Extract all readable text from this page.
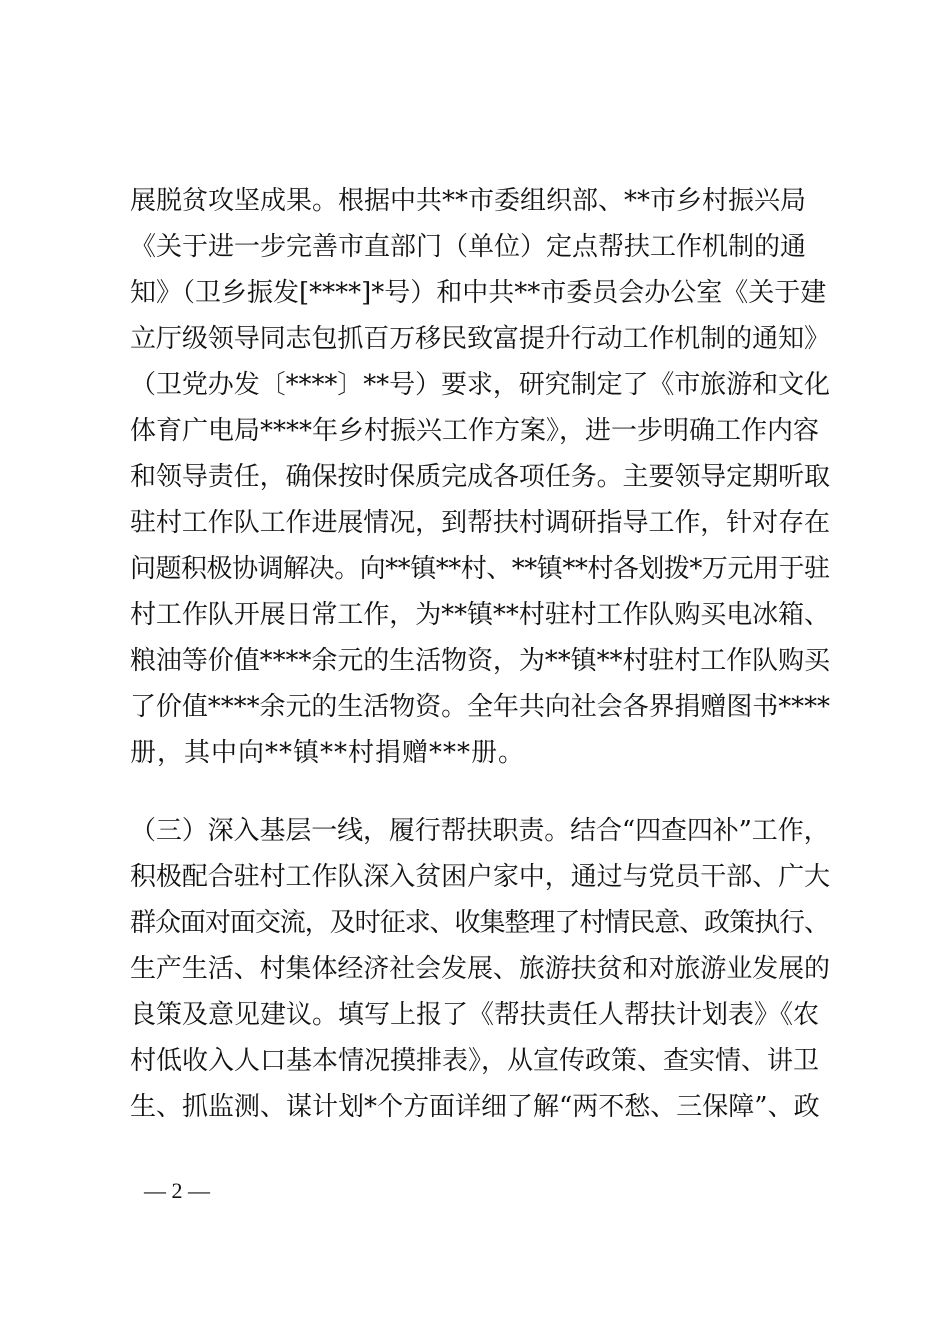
展脱贫攻坚成果。根据中共**市委组织部、**市乡村振兴局
《关于进一步完善市直部门（单位）定点帮扶工作机制的通
知》（卫乡振发[****]*号）和中共**市委员会办公室《关于建
立厅级领导同志包抓百万移民致富提升行动工作机制的通知》
（卫党办发〔****〕**号）要求，研究制定了《市旅游和文化
体育广电局****年乡村振兴工作方案》，进一步明确工作内容
和领导责任，确保按时保质完成各项任务。主要领导定期听取
驻村工作队工作进展情况，到帮扶村调研指导工作，针对存在
问题积极协调解决。向**镇**村、**镇**村各划拨*万元用于驻
村工作队开展日常工作，为**镇**村驻村工作队购买电冰箱、
粮油等价值****余元的生活物资，为**镇**村驻村工作队购买
了价值****余元的生活物资。全年共向社会各界捐赠图书****
册，其中向**镇**村捐赠***册。
（三）深入基层一线，履行帮扶职责。结合“四查四补”工作，
积极配合驻村工作队深入贫困户家中，通过与党员干部、广大
群众面对面交流，及时征求、收集整理了村情民意、政策执行、
生产生活、村集体经济社会发展、旅游扶贫和对旅游业发展的
良策及意见建议。填写上报了《帮扶责任人帮扶计划表》《农
村低收入人口基本情况摸排表》，从宣传政策、查实情、讲卫
生、抓监测、谋计划*个方面详细了解“两不愁、三保障”、政
— 2 —
